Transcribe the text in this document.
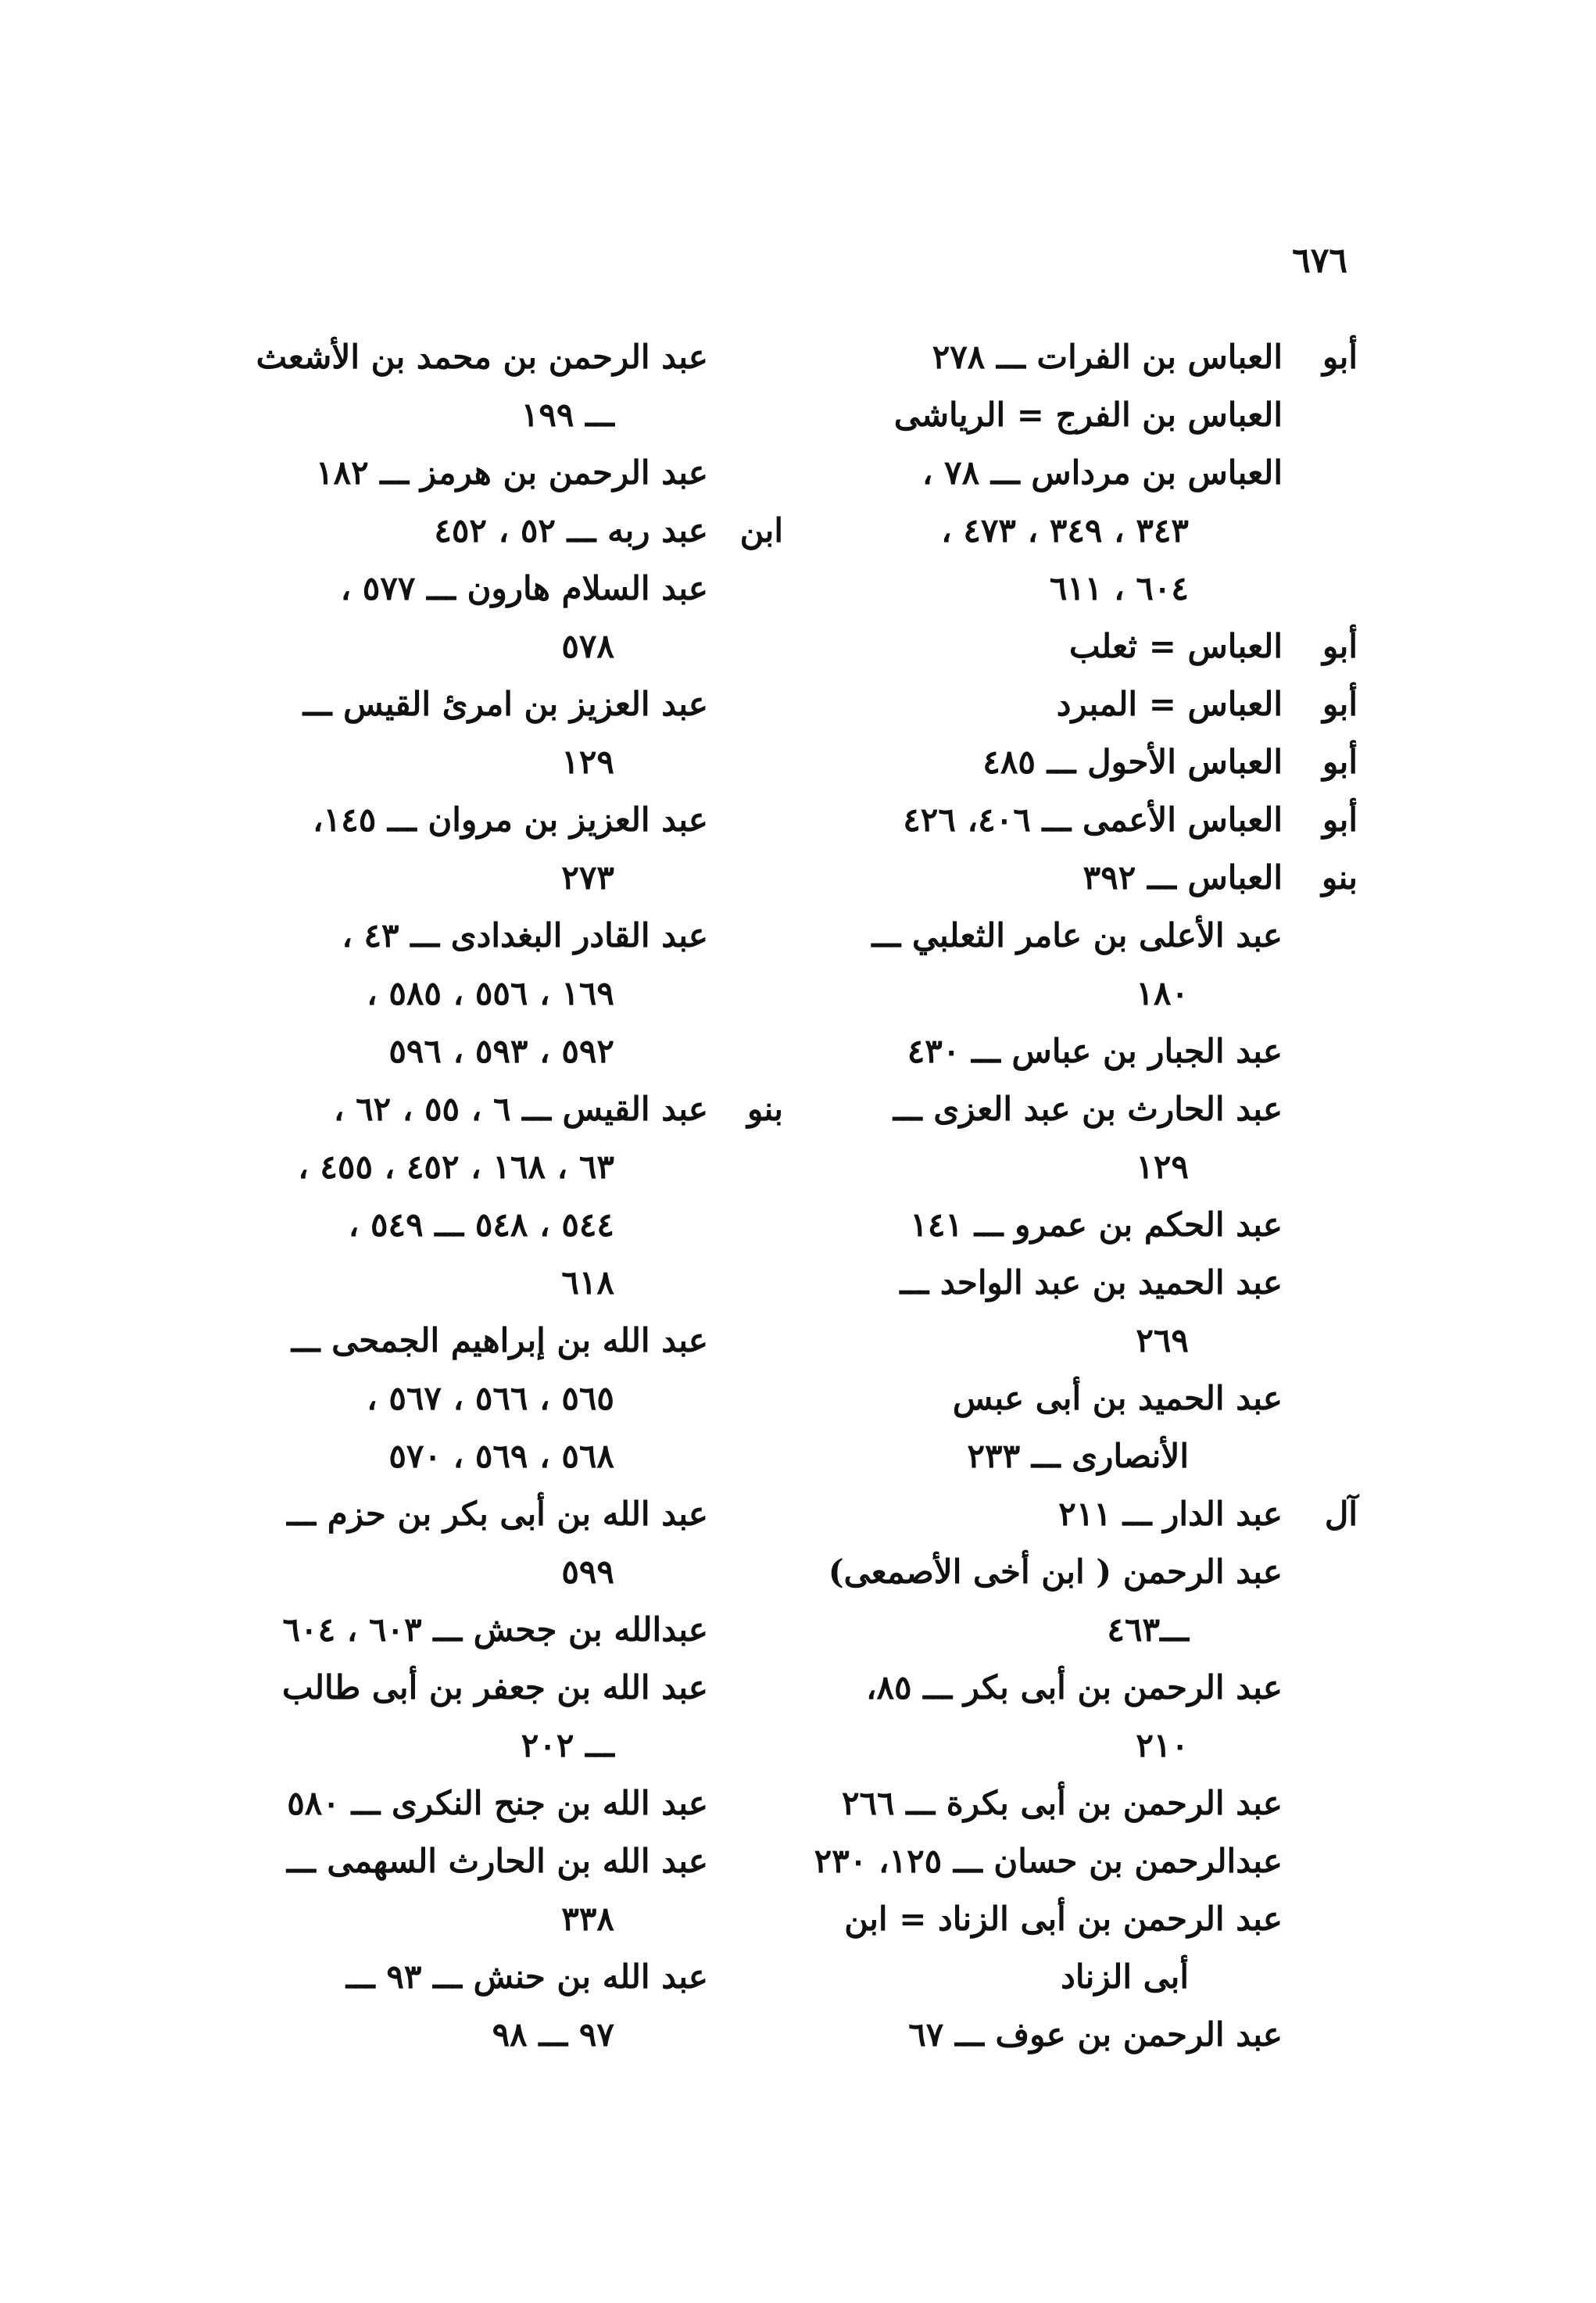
٦٧٦
أبو
العباس بن الفرات ـــ ٢٧٨
العباس بن الفرج = الرياشى
العباس بن مرداس ـــ ٧٨ ،
٣٤٣ ، ٣٤٩ ، ٤٧٣ ،
٦٠٤ ، ٦١١
أبو
العباس = ثعلب
أبو
العباس = المبرد
أبو
العباس الأحول ـــ ٤٨٥
أبو
العباس الأعمى ـــ ٤٠٦، ٤٢٦
بنو
العباس ـــ ٣٩٢
عبد الأعلى بن عامر الثعلبي ـــ
١٨٠
عبد الجبار بن عباس ـــ ٤٣٠
عبد الحارث بن عبد العزى ـــ
١٢٩
عبد الحكم بن عمرو ـــ ١٤١
عبد الحميد بن عبد الواحد ـــ
٢٦٩
عبد الحميد بن أبى عبس
الأنصارى ـــ ٢٣٣
آل
عبد الدار ـــ ٢١١
عبد الرحمن ( ابن أخى الأصمعى)
ـــ٤٦٣
عبد الرحمن بن أبى بكر ـــ ٨٥،
٢١٠
عبد الرحمن بن أبى بكرة ـــ ٢٦٦
عبدالرحمن بن حسان ـــ ١٢٥، ٢٣٠
عبد الرحمن بن أبى الزناد = ابن
أبى الزناد
عبد الرحمن بن عوف ـــ ٦٧
عبد الرحمن بن محمد بن الأشعث
ـــ ١٩٩
عبد الرحمن بن هرمز ـــ ١٨٢
ابن
عبد ربه ـــ ٥٢ ، ٤٥٢
عبد السلام هارون ـــ ٥٧٧ ،
٥٧٨
عبد العزيز بن امرئ القيس ـــ
١٢٩
عبد العزيز بن مروان ـــ ١٤٥،
٢٧٣
عبد القادر البغدادى ـــ ٤٣ ،
١٦٩ ، ٥٥٦ ، ٥٨٥ ،
٥٩٢ ، ٥٩٣ ، ٥٩٦
بنو
عبد القيس ـــ ٦ ، ٥٥ ، ٦٢ ،
٦٣ ، ١٦٨ ، ٤٥٢ ، ٤٥٥ ،
٥٤٤ ، ٥٤٨ ـــ ٥٤٩ ،
٦١٨
عبد الله بن إبراهيم الجمحى ـــ
٥٦٥ ، ٥٦٦ ، ٥٦٧ ،
٥٦٨ ، ٥٦٩ ، ٥٧٠
عبد الله بن أبى بكر بن حزم ـــ
٥٩٩
عبدالله بن جحش ـــ ٦٠٣ ، ٦٠٤
عبد الله بن جعفر بن أبى طالب
ـــ ٢٠٢
عبد الله بن جنح النكرى ـــ ٥٨٠
عبد الله بن الحارث السهمى ـــ
٣٣٨
عبد الله بن حنش ـــ ٩٣ ـــ
٩٧ ـــ ٩٨
